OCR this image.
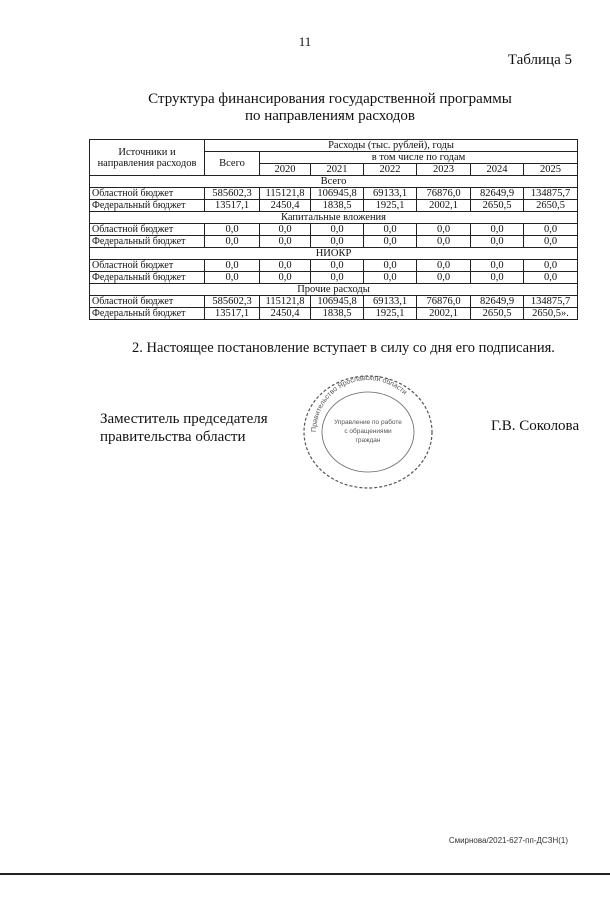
11
Таблица 5
Структура финансирования государственной программы
по направлениям расходов
Источники и направления расходов	Расходы (тыс. рублей), годы						
	Всего	в том числе по годам					
		2020	2021	2022	2023	2024	2025
Всего							
Областной бюджет	585602,3	115121,8	106945,8	69133,1	76876,0	82649,9	134875,7
Федеральный бюджет	13517,1	2450,4	1838,5	1925,1	2002,1	2650,5	2650,5
Капитальные вложения							
Областной бюджет	0,0	0,0	0,0	0,0	0,0	0,0	0,0
Федеральный бюджет	0,0	0,0	0,0	0,0	0,0	0,0	0,0
НИОКР							
Областной бюджет	0,0	0,0	0,0	0,0	0,0	0,0	0,0
Федеральный бюджет	0,0	0,0	0,0	0,0	0,0	0,0	0,0
Прочие расходы							
Областной бюджет	585602,3	115121,8	106945,8	69133,1	76876,0	82649,9	134875,7
Федеральный бюджет	13517,1	2450,4	1838,5	1925,1	2002,1	2650,5	2650,5».
2. Настоящее постановление вступает в силу со дня его подписания.
Правительство Ярославской области
Управление по работе
с обращениями
граждан
Заместитель председателя
правительства области
Г.В. Соколова
Смирнова/2021-627-пп-ДСЗН(1)
